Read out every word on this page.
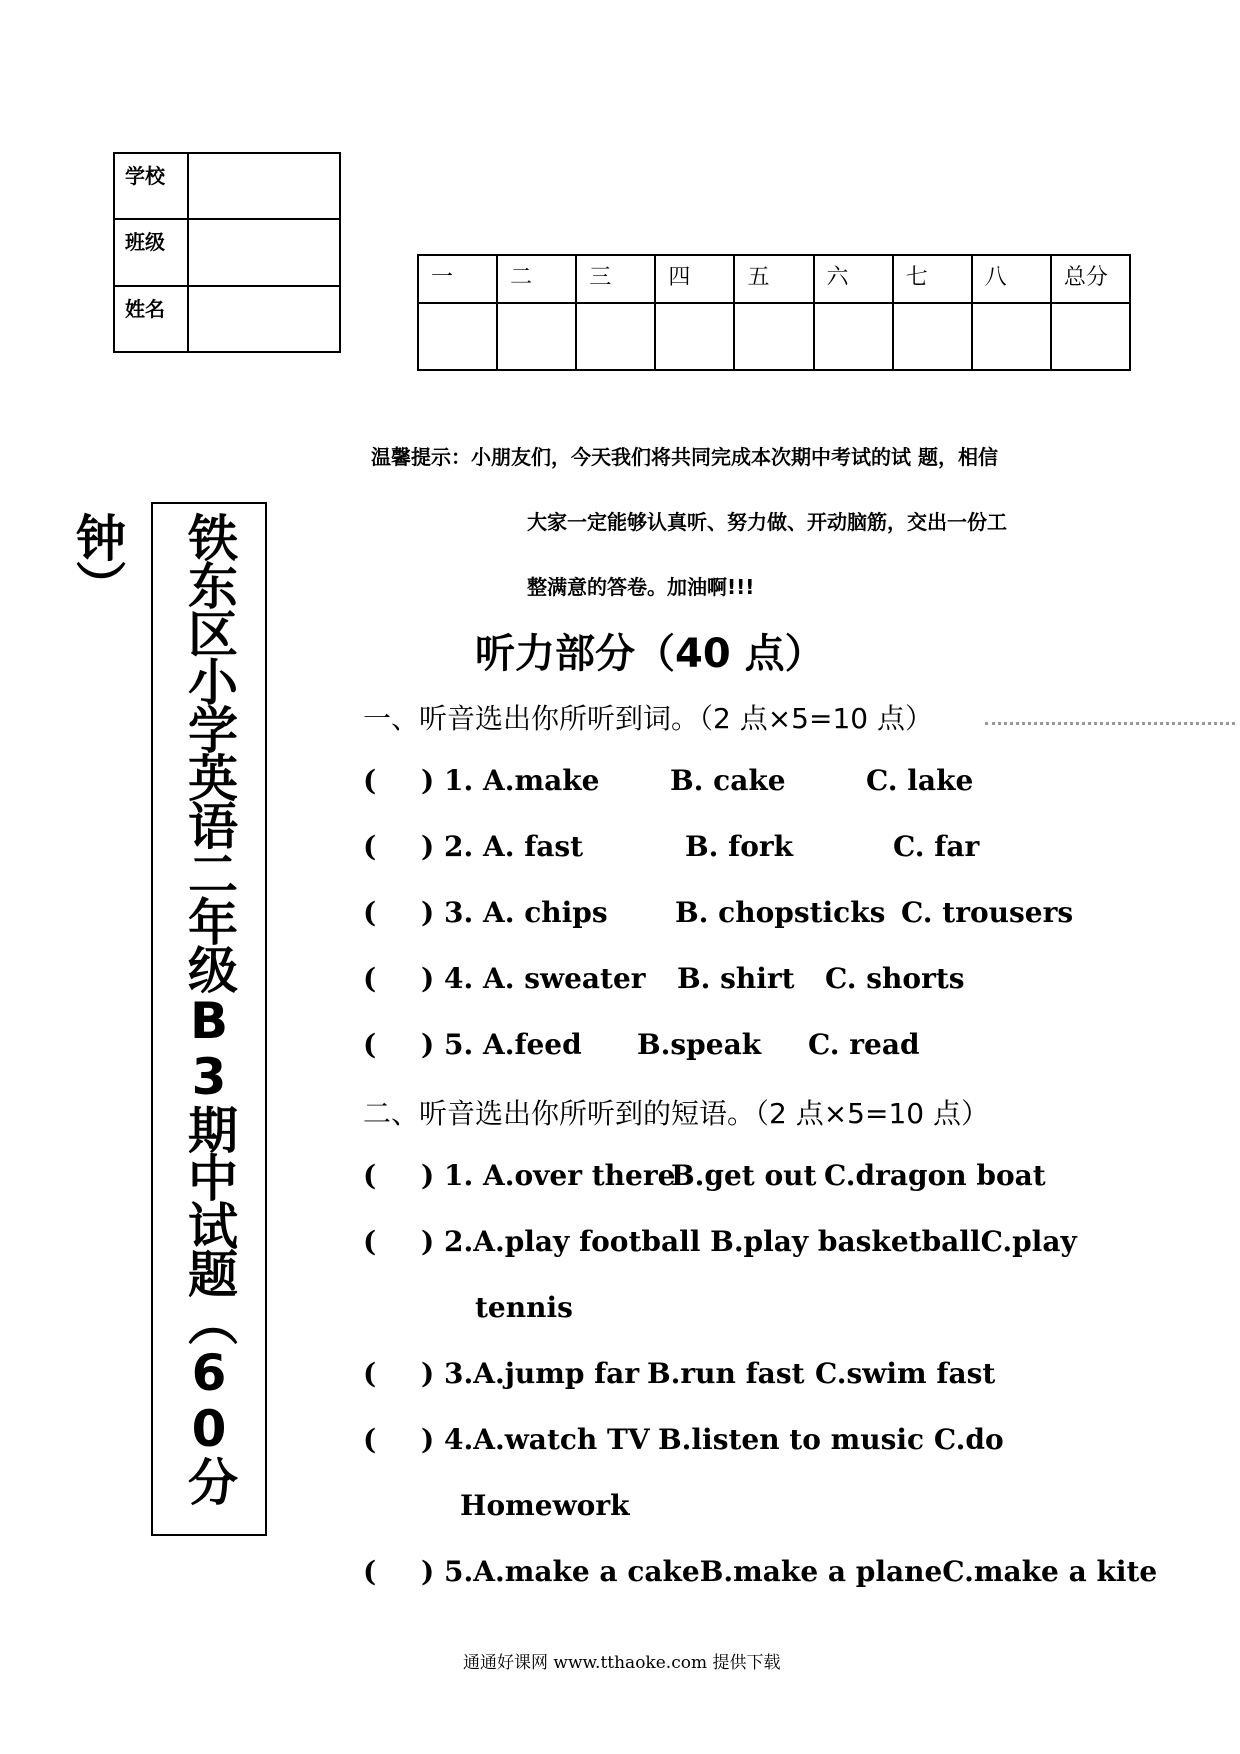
学校	
班级	
姓名	
一	二	三	四	五	六	七	八	总分

温馨提示：小朋友们，今天我们将共同完成本次期中考试的试 题，相信
大家一定能够认真听、努力做、开动脑筋，交出一份工
整满意的答卷。加油啊!!!
铁东区小学英语二年级B3期中试题（60分钟）
听力部分（40 点）
一、听音选出你所听到词。（2 点×5=10 点）
( ) 1. A.make	B. cake	C. lake
( ) 2. A. fast	B. fork	C. far
( ) 3. A. chips B. chopsticks C. trousers
( ) 4. A. sweater B. shirt C. shorts
( ) 5. A.feed B.speak C. read
二、听音选出你所听到的短语。（2 点×5=10 点）
( ) 1. A.over there
B.get out C.dragon boat
( ) 2.A.play football B.play basketballC.play
tennis
( ) 3.A.jump far B.run fast C.swim fast
( ) 4.A.watch TV B.listen to music C.do
Homework
( ) 5.A.make a cakeB.make a planeC.make a kite
通通好课网 www.tthaoke.com 提供下载
